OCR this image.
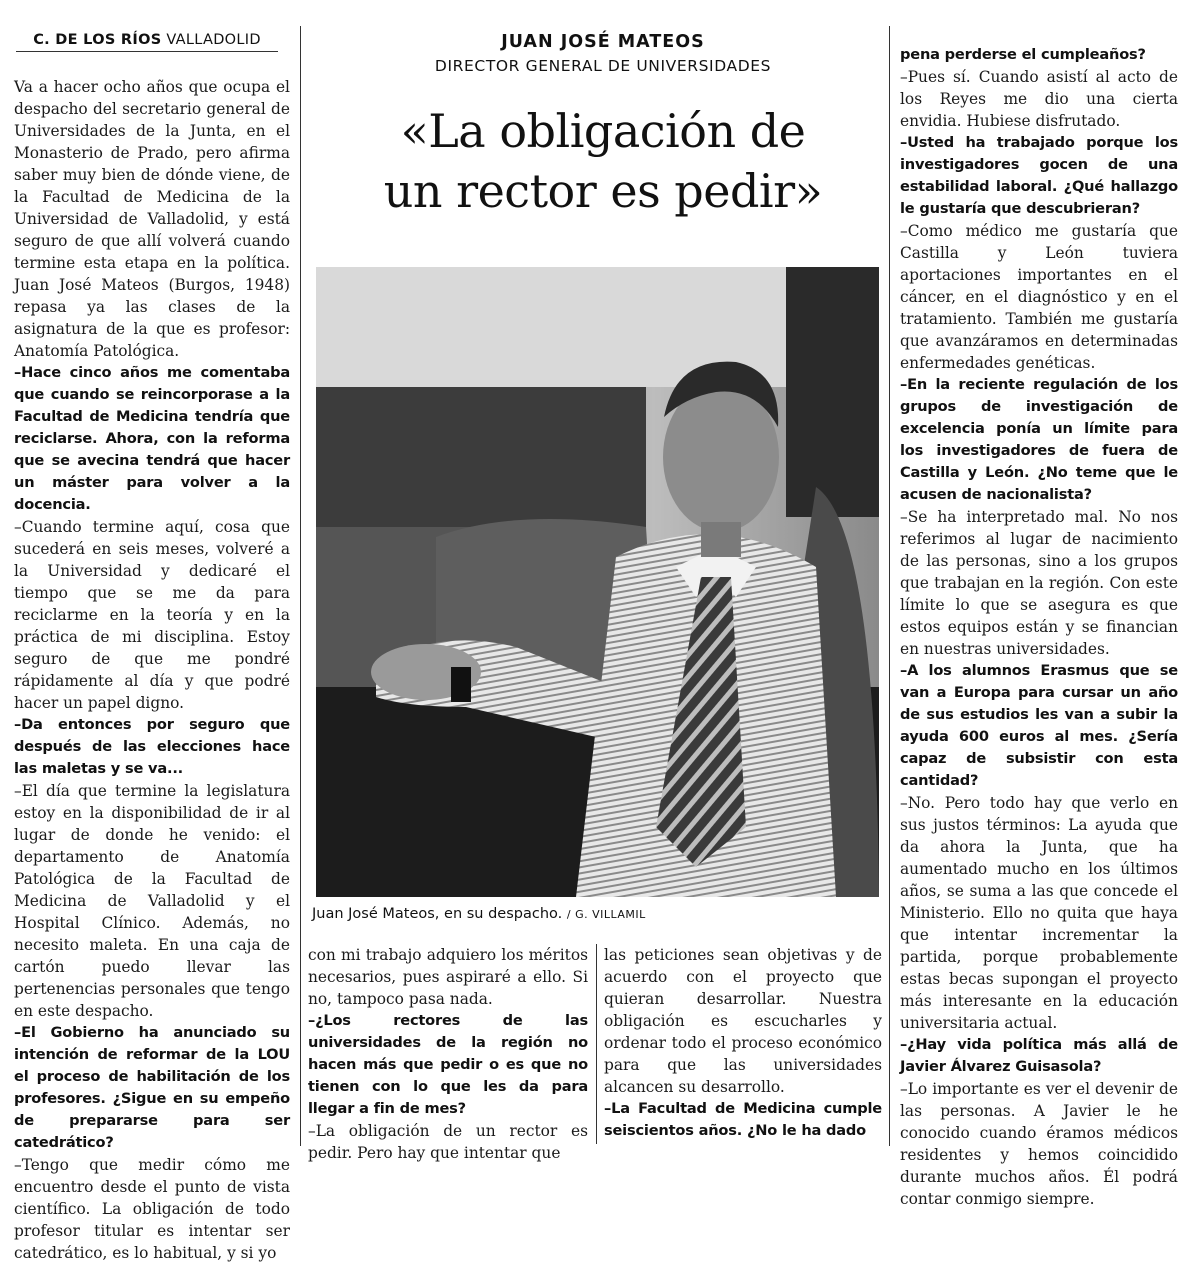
C. DE LOS RÍOS VALLADOLID	JUAN JOSÉ MATEOS
DIRECTOR GENERAL DE UNIVERSIDADES
«La obligación de
un rector es pedir»
Juan José Mateos, en su despacho. / G. VILLAMIL

Va a hacer ocho años que ocupa el despacho del secretario general de Universidades de la Junta, en el Monasterio de Prado, pero afirma saber muy bien de dónde viene, de la Facultad de Medicina de la Universidad de Valladolid, y está seguro de que allí volverá cuando termine esta etapa en la política. Juan José Mateos (Burgos, 1948) repasa ya las clases de la asignatura de la que es profesor: Anatomía Patológica.

–Hace cinco años me comentaba que cuando se reincorporase a la Facultad de Medicina tendría que reciclarse. Ahora, con la reforma que se avecina tendrá que hacer un máster para volver a la docencia.

–Cuando termine aquí, cosa que sucederá en seis meses, volveré a la Universidad y dedicaré el tiempo que se me da para reciclarme en la teoría y en la práctica de mi disciplina. Estoy seguro de que me pondré rápidamente al día y que podré hacer un papel digno.

–Da entonces por seguro que después de las elecciones hace las maletas y se va...

–El día que termine la legislatura estoy en la disponibilidad de ir al lugar de donde he venido: el departamento de Anatomía Patológica de la Facultad de Medicina de Valladolid y el Hospital Clínico. Además, no necesito maleta. En una caja de cartón puedo llevar las pertenencias personales que tengo en este despacho.

–El Gobierno ha anunciado su intención de reformar de la LOU el proceso de habilitación de los profesores. ¿Sigue en su empeño de prepararse para ser catedrático?

–Tengo que medir cómo me encuentro desde el punto de vista científico. La obligación de todo profesor titular es intentar ser catedrático, es lo habitual, y si yo

con mi trabajo adquiero los méritos necesarios, pues aspiraré a ello. Si no, tampoco pasa nada.

–¿Los rectores de las universidades de la región no hacen más que pedir o es que no tienen con lo que les da para llegar a fin de mes?

–La obligación de un rector es pedir. Pero hay que intentar que

las peticiones sean objetivas y de acuerdo con el proyecto que quieran desarrollar. Nuestra obligación es escucharles y ordenar todo el proceso económico para que las universidades alcancen su desarrollo.

–La Facultad de Medicina cumple seiscientos años. ¿No le ha dado

pena perderse el cumpleaños?

–Pues sí. Cuando asistí al acto de los Reyes me dio una cierta envidia. Hubiese disfrutado.

–Usted ha trabajado porque los investigadores gocen de una estabilidad laboral. ¿Qué hallazgo le gustaría que descubrieran?

–Como médico me gustaría que Castilla y León tuviera aportaciones importantes en el cáncer, en el diagnóstico y en el tratamiento. También me gustaría que avanzáramos en determinadas enfermedades genéticas.

–En la reciente regulación de los grupos de investigación de excelencia ponía un límite para los investigadores de fuera de Castilla y León. ¿No teme que le acusen de nacionalista?

–Se ha interpretado mal. No nos referimos al lugar de nacimiento de las personas, sino a los grupos que trabajan en la región. Con este límite lo que se asegura es que estos equipos están y se financian en nuestras universidades.

–A los alumnos Erasmus que se van a Europa para cursar un año de sus estudios les van a subir la ayuda 600 euros al mes. ¿Sería capaz de subsistir con esta cantidad?

–No. Pero todo hay que verlo en sus justos términos: La ayuda que da ahora la Junta, que ha aumentado mucho en los últimos años, se suma a las que concede el Ministerio. Ello no quita que haya que intentar incrementar la partida, porque probablemente estas becas supongan el proyecto más interesante en la educación universitaria actual.

–¿Hay vida política más allá de Javier Álvarez Guisasola?

–Lo importante es ver el devenir de las personas. A Javier le he conocido cuando éramos médicos residentes y hemos coincidido durante muchos años. Él podrá contar conmigo siempre.
